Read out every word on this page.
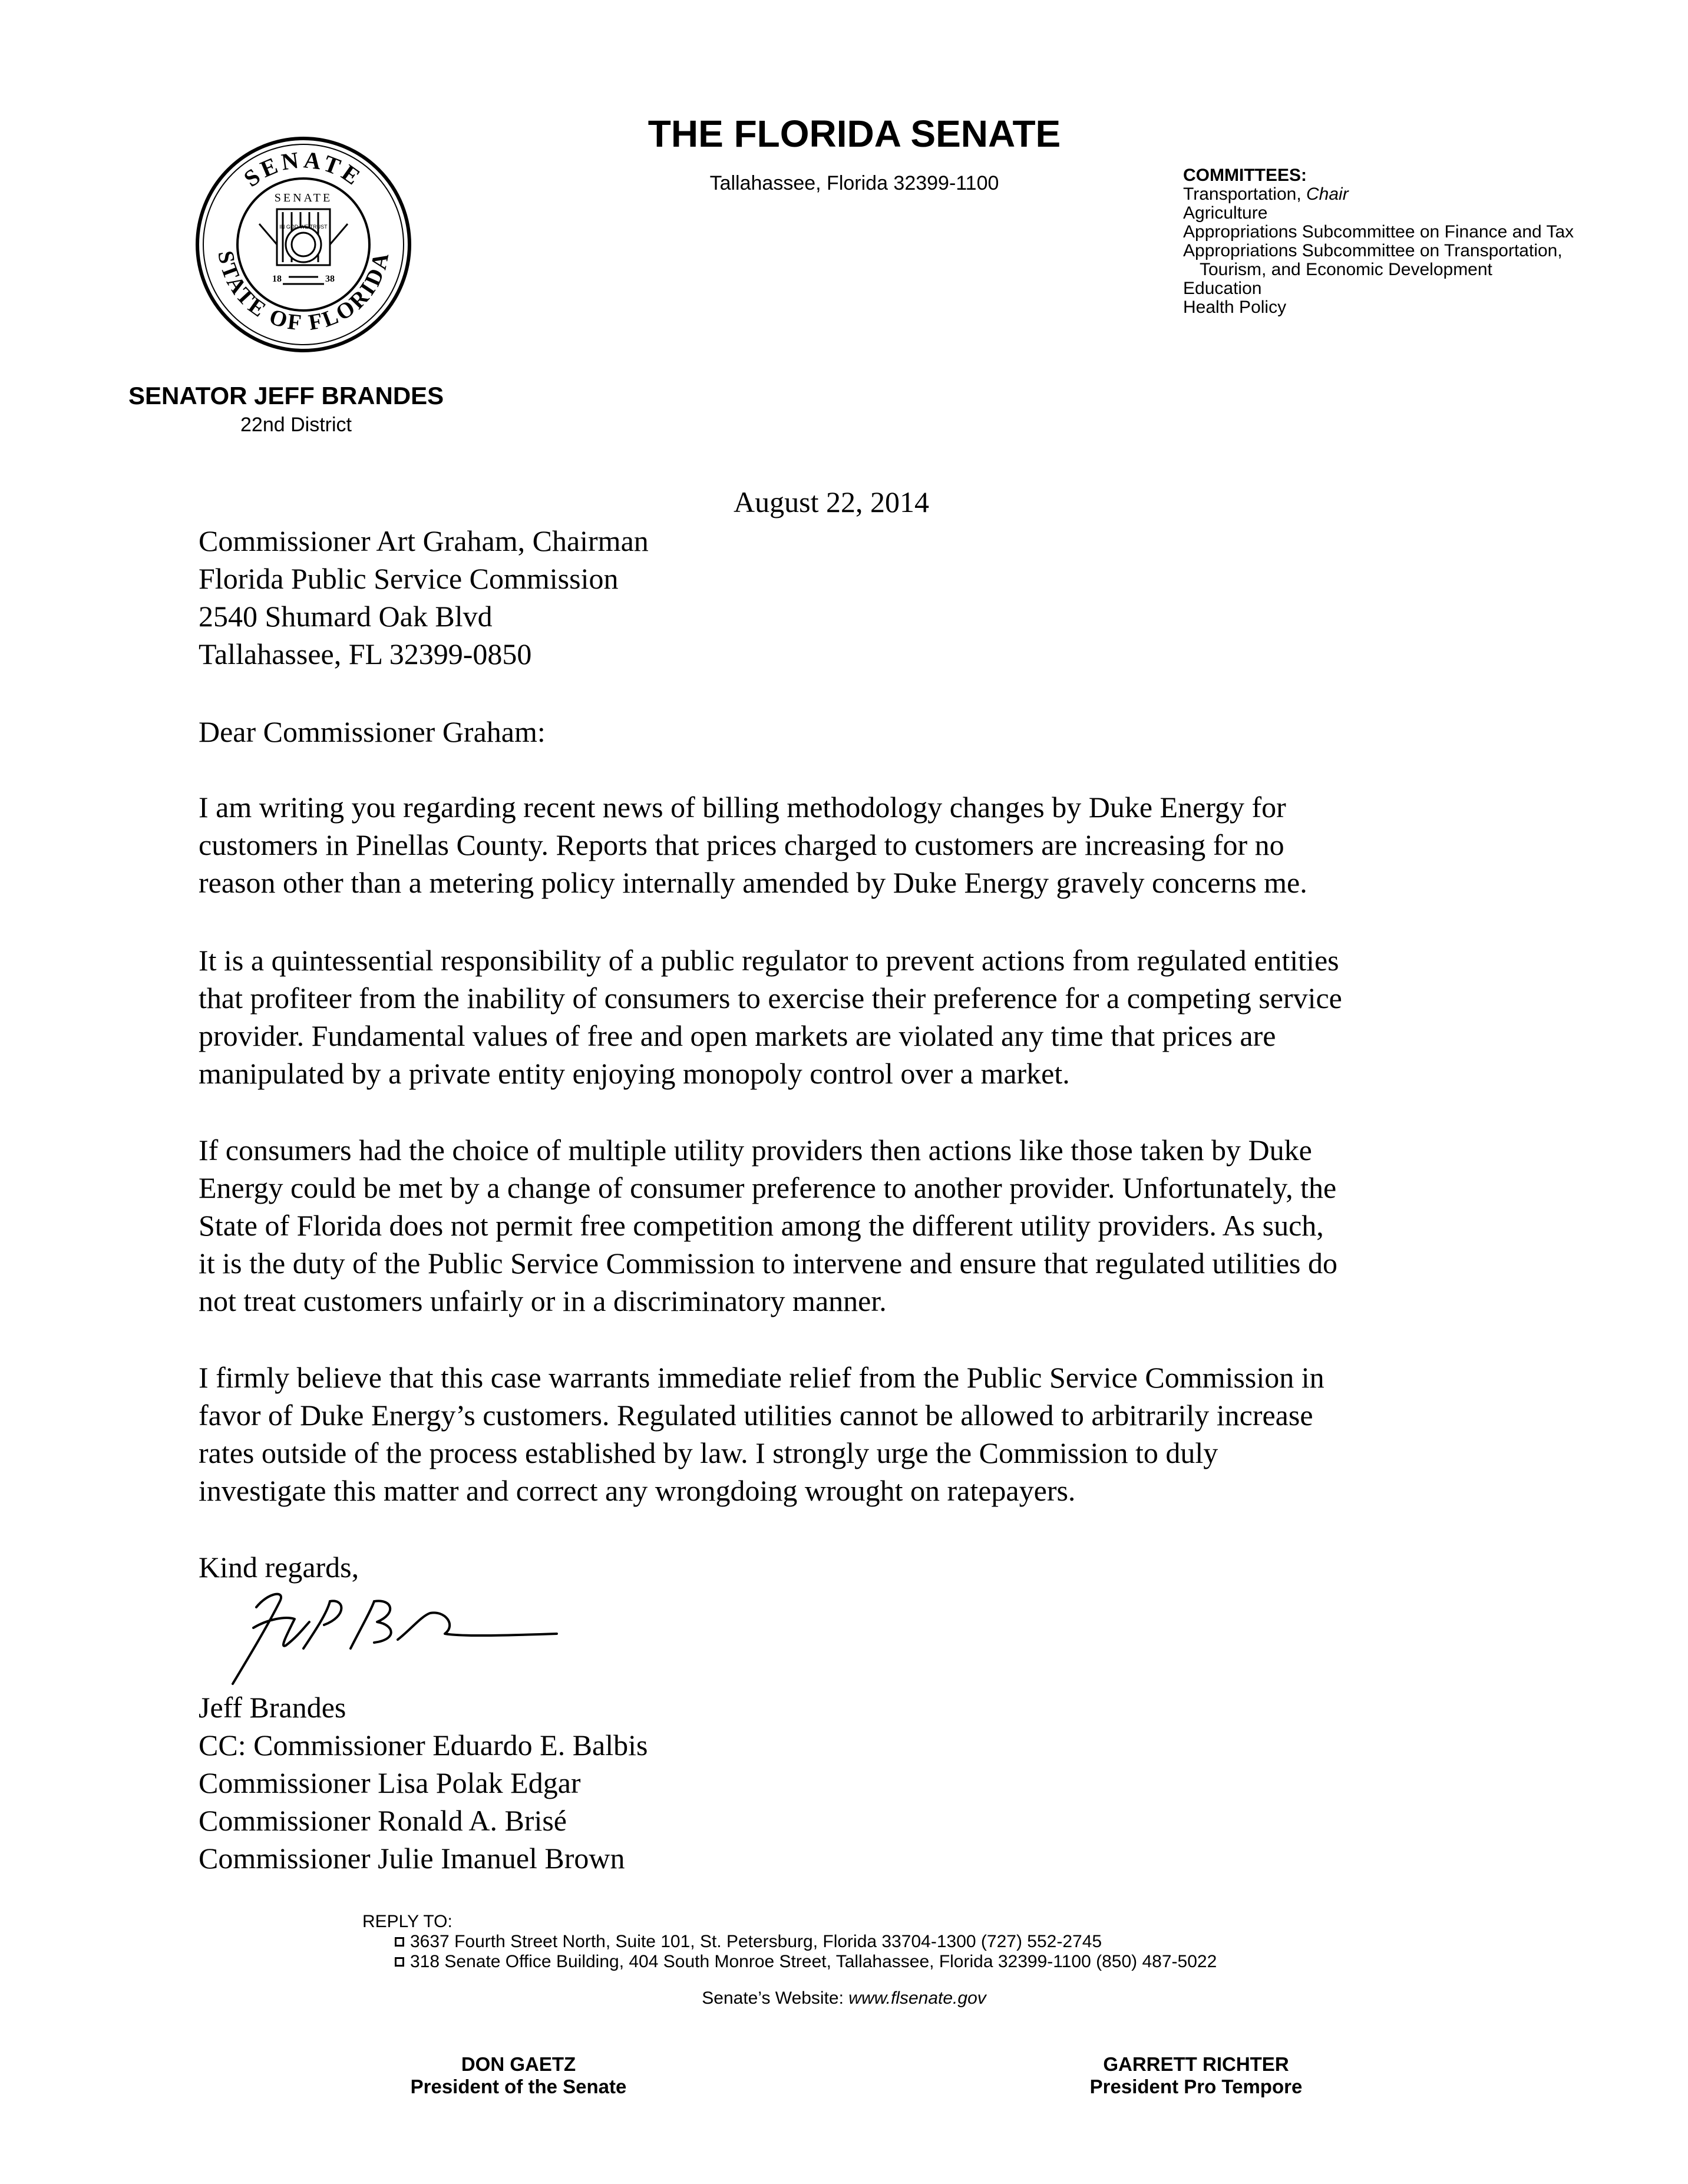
SENATE
STATE OF FLORIDA
SENATE
IN GOD WE TRUST
18	38
THE FLORIDA SENATE
Tallahassee, Florida 32399-1100	COMMITTEES:
Transportation, Chair
Agriculture
Appropriations Subcommittee on Finance and Tax
Appropriations Subcommittee on Transportation,
Tourism, and Economic Development
Education
Health Policy
SENATOR JEFF BRANDES
22nd District
August 22, 2014
Commissioner Art Graham, Chairman
Florida Public Service Commission
2540 Shumard Oak Blvd
Tallahassee, FL 32399-0850
Dear Commissioner Graham:
I am writing you regarding recent news of billing methodology changes by Duke Energy for
customers in Pinellas County. Reports that prices charged to customers are increasing for no
reason other than a metering policy internally amended by Duke Energy gravely concerns me.
It is a quintessential responsibility of a public regulator to prevent actions from regulated entities
that profiteer from the inability of consumers to exercise their preference for a competing service
provider. Fundamental values of free and open markets are violated any time that prices are
manipulated by a private entity enjoying monopoly control over a market.
If consumers had the choice of multiple utility providers then actions like those taken by Duke
Energy could be met by a change of consumer preference to another provider. Unfortunately, the
State of Florida does not permit free competition among the different utility providers. As such,
it is the duty of the Public Service Commission to intervene and ensure that regulated utilities do
not treat customers unfairly or in a discriminatory manner.
I firmly believe that this case warrants immediate relief from the Public Service Commission in
favor of Duke Energy’s customers. Regulated utilities cannot be allowed to arbitrarily increase
rates outside of the process established by law. I strongly urge the Commission to duly
investigate this matter and correct any wrongdoing wrought on ratepayers.
Kind regards,
Jeff Brandes
CC: Commissioner Eduardo E. Balbis
Commissioner Lisa Polak Edgar
Commissioner Ronald A. Brisé
Commissioner Julie Imanuel Brown
REPLY TO:
3637 Fourth Street North, Suite 101, St. Petersburg, Florida 33704-1300 (727) 552-2745
318 Senate Office Building, 404 South Monroe Street, Tallahassee, Florida 32399-1100 (850) 487-5022
Senate’s Website: www.flsenate.gov
DON GAETZ
President of the Senate
GARRETT RICHTER
President Pro Tempore
